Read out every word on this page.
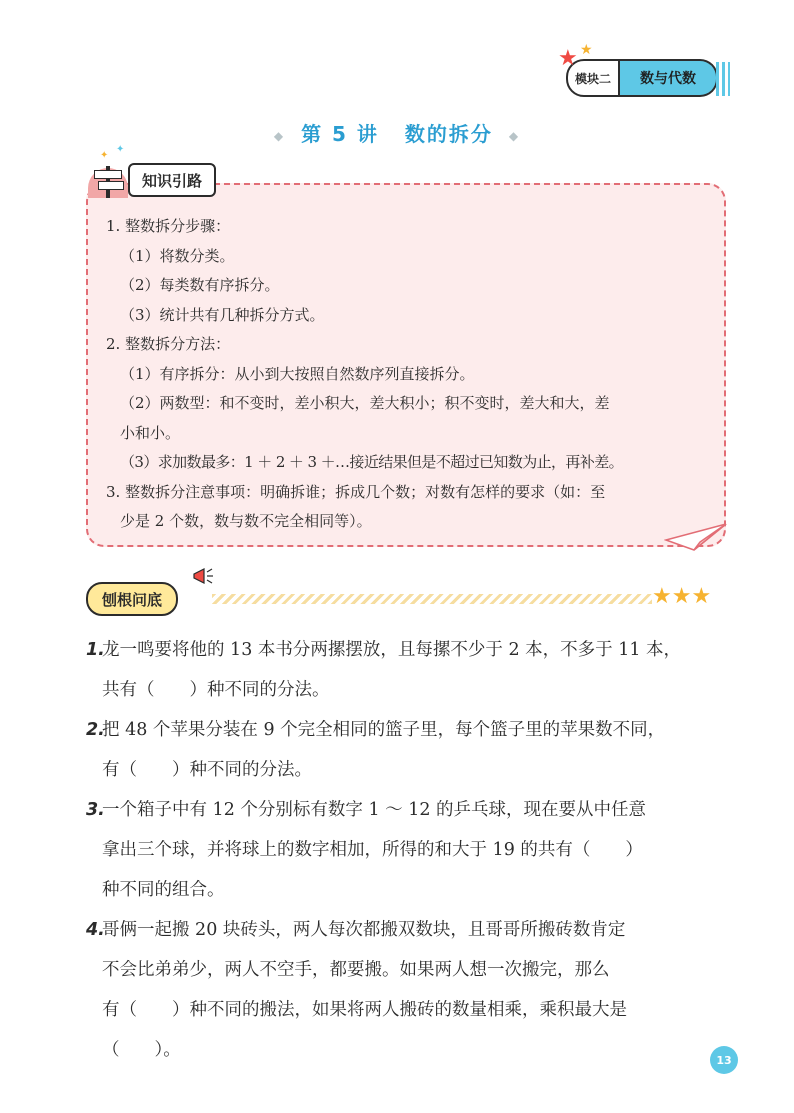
★ ★
模块二	数与代数
◆ 第 5 讲 数的拆分 ◆
知识引路
✦
✦
1. 整数拆分步骤：
（1）将数分类。
（2）每类数有序拆分。
（3）统计共有几种拆分方式。
2. 整数拆分方法：
（1）有序拆分：从小到大按照自然数序列直接拆分。
（2）两数型：和不变时，差小积大，差大积小；积不变时，差大和大，差
小和小。
（3）求加数最多：1 ＋ 2 ＋ 3 ＋…接近结果但是不超过已知数为止，再补差。
3. 整数拆分注意事项：明确拆谁；拆成几个数；对数有怎样的要求（如：至
少是 2 个数，数与数不完全相同等）。
刨根问底	★★★
1.龙一鸣要将他的 13 本书分两摞摆放，且每摞不少于 2 本，不多于 11 本，
共有（　　）种不同的分法。
2.把 48 个苹果分装在 9 个完全相同的篮子里，每个篮子里的苹果数不同，
有（　　）种不同的分法。
3.一个箱子中有 12 个分别标有数字 1 ～ 12 的乒乓球，现在要从中任意
拿出三个球，并将球上的数字相加，所得的和大于 19 的共有（　　）
种不同的组合。
4.哥俩一起搬 20 块砖头，两人每次都搬双数块，且哥哥所搬砖数肯定
不会比弟弟少，两人不空手，都要搬。如果两人想一次搬完，那么
有（　　）种不同的搬法，如果将两人搬砖的数量相乘，乘积最大是
（　　）。	13
